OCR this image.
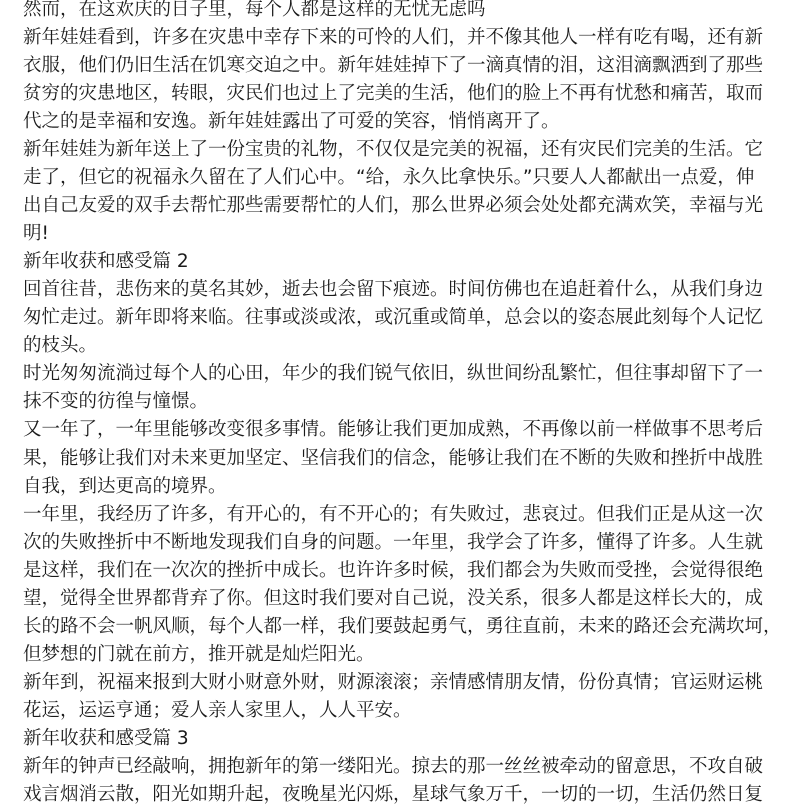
然而，在这欢庆的日子里，每个人都是这样的无忧无虑吗
新年娃娃看到，许多在灾患中幸存下来的可怜的人们，并不像其他人一样有吃有喝，还有新
衣服，他们仍旧生活在饥寒交迫之中。新年娃娃掉下了一滴真情的泪，这泪滴飘洒到了那些
贫穷的灾患地区，转眼，灾民们也过上了完美的生活，他们的脸上不再有忧愁和痛苦，取而
代之的是幸福和安逸。新年娃娃露出了可爱的笑容，悄悄离开了。
新年娃娃为新年送上了一份宝贵的礼物，不仅仅是完美的祝福，还有灾民们完美的生活。它
走了，但它的祝福永久留在了人们心中。“给，永久比拿快乐。”只要人人都献出一点爱，伸
出自己友爱的双手去帮忙那些需要帮忙的人们，那么世界必须会处处都充满欢笑，幸福与光
明!
新年收获和感受篇 2
回首往昔，悲伤来的莫名其妙，逝去也会留下痕迹。时间仿佛也在追赶着什么，从我们身边
匆忙走过。新年即将来临。往事或淡或浓，或沉重或简单，总会以的姿态展此刻每个人记忆
的枝头。
时光匆匆流淌过每个人的心田，年少的我们锐气依旧，纵世间纷乱繁忙，但往事却留下了一
抹不变的彷徨与憧憬。
又一年了，一年里能够改变很多事情。能够让我们更加成熟，不再像以前一样做事不思考后
果，能够让我们对未来更加坚定、坚信我们的信念，能够让我们在不断的失败和挫折中战胜
自我，到达更高的境界。
一年里，我经历了许多，有开心的，有不开心的；有失败过，悲哀过。但我们正是从这一次
次的失败挫折中不断地发现我们自身的问题。一年里，我学会了许多，懂得了许多。人生就
是这样，我们在一次次的挫折中成长。也许许多时候，我们都会为失败而受挫，会觉得很绝
望，觉得全世界都背弃了你。但这时我们要对自己说，没关系，很多人都是这样长大的，成
长的路不会一帆风顺，每个人都一样，我们要鼓起勇气，勇往直前，未来的路还会充满坎坷，
但梦想的门就在前方，推开就是灿烂阳光。
新年到，祝福来报到大财小财意外财，财源滚滚；亲情感情朋友情，份份真情；官运财运桃
花运，运运亨通；爱人亲人家里人，人人平安。
新年收获和感受篇 3
新年的钟声已经敲响，拥抱新年的第一缕阳光。掠去的那一丝丝被牵动的留意思，不攻自破
戏言烟消云散，阳光如期升起，夜晚星光闪烁，星球气象万千，一切的一切，生活仍然日复
